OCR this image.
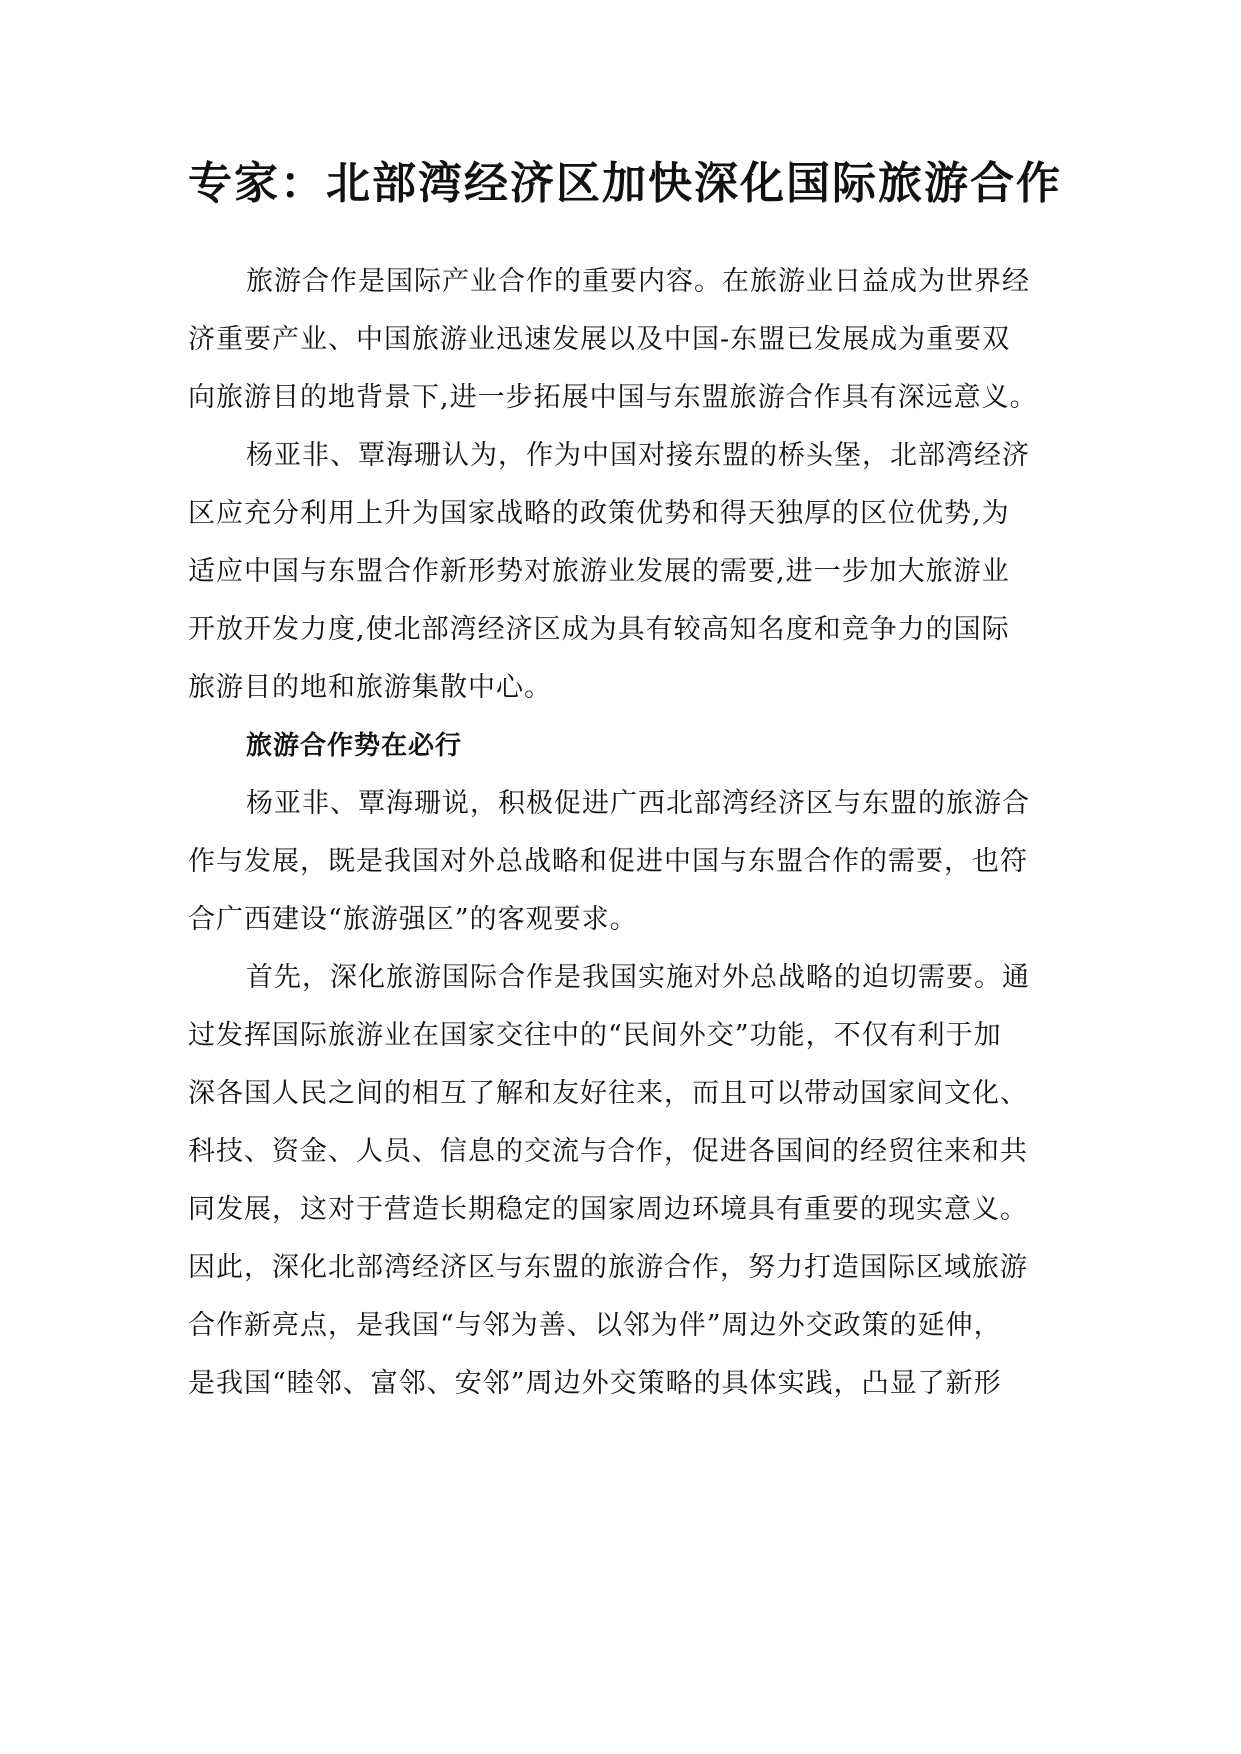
专家：北部湾经济区加快深化国际旅游合作
旅游合作是国际产业合作的重要内容。在旅游业日益成为世界经
济重要产业、中国旅游业迅速发展以及中国-东盟已发展成为重要双
向旅游目的地背景下,进一步拓展中国与东盟旅游合作具有深远意义。
杨亚非、覃海珊认为，作为中国对接东盟的桥头堡，北部湾经济
区应充分利用上升为国家战略的政策优势和得天独厚的区位优势,为
适应中国与东盟合作新形势对旅游业发展的需要,进一步加大旅游业
开放开发力度,使北部湾经济区成为具有较高知名度和竞争力的国际
旅游目的地和旅游集散中心。
旅游合作势在必行
杨亚非、覃海珊说，积极促进广西北部湾经济区与东盟的旅游合
作与发展，既是我国对外总战略和促进中国与东盟合作的需要，也符
合广西建设“旅游强区”的客观要求。
首先，深化旅游国际合作是我国实施对外总战略的迫切需要。通
过发挥国际旅游业在国家交往中的“民间外交”功能，不仅有利于加
深各国人民之间的相互了解和友好往来，而且可以带动国家间文化、
科技、资金、人员、信息的交流与合作，促进各国间的经贸往来和共
同发展，这对于营造长期稳定的国家周边环境具有重要的现实意义。
因此，深化北部湾经济区与东盟的旅游合作，努力打造国际区域旅游
合作新亮点，是我国“与邻为善、以邻为伴”周边外交政策的延伸，
是我国“睦邻、富邻、安邻”周边外交策略的具体实践，凸显了新形
